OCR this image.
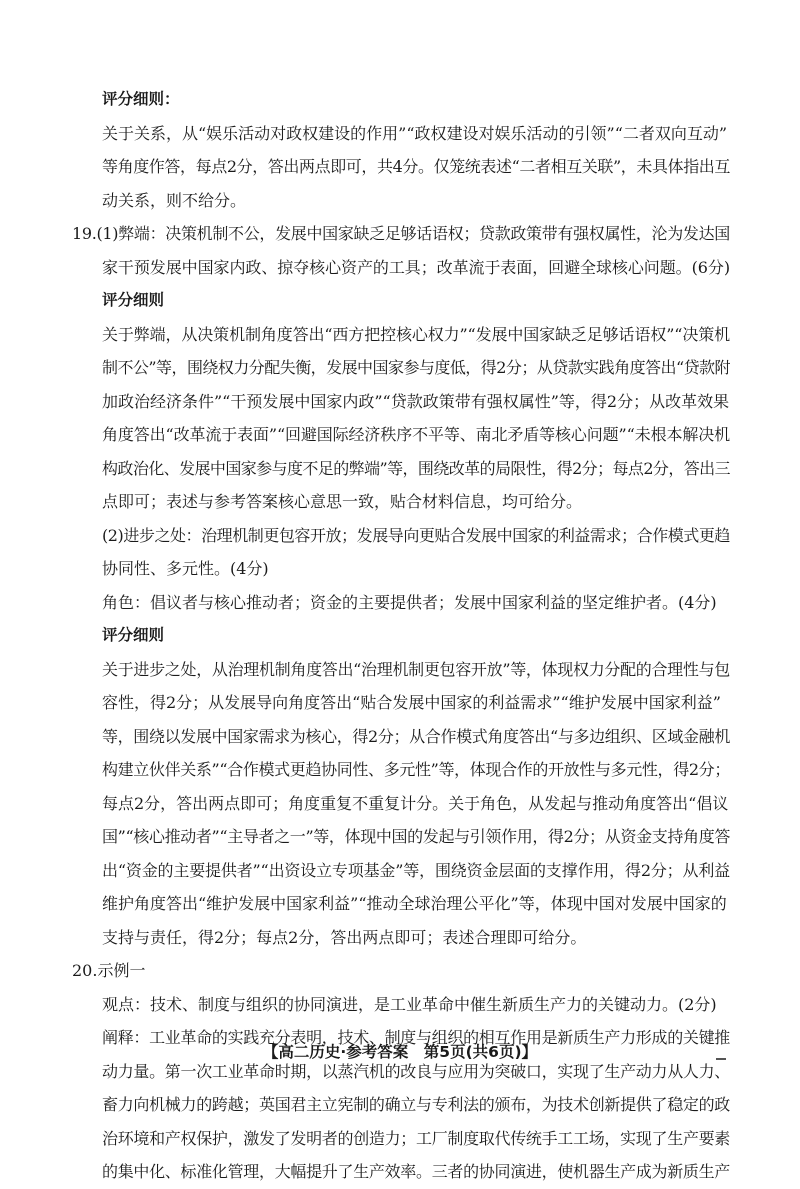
评分细则：
关于关系，从“娱乐活动对政权建设的作用”“政权建设对娱乐活动的引领”“二者双向互动”
等角度作答，每点2分，答出两点即可，共4分。仅笼统表述“二者相互关联”，未具体指出互
动关系，则不给分。
19.(1)弊端：决策机制不公，发展中国家缺乏足够话语权；贷款政策带有强权属性，沦为发达国
家干预发展中国家内政、掠夺核心资产的工具；改革流于表面，回避全球核心问题。(6分)
评分细则
关于弊端，从决策机制角度答出“西方把控核心权力”“发展中国家缺乏足够话语权”“决策机
制不公”等，围绕权力分配失衡，发展中国家参与度低，得2分；从贷款实践角度答出“贷款附
加政治经济条件”“干预发展中国家内政”“贷款政策带有强权属性”等，得2分；从改革效果
角度答出“改革流于表面”“回避国际经济秩序不平等、南北矛盾等核心问题”“未根本解决机
构政治化、发展中国家参与度不足的弊端”等，围绕改革的局限性，得2分；每点2分，答出三
点即可；表述与参考答案核心意思一致，贴合材料信息，均可给分。
(2)进步之处：治理机制更包容开放；发展导向更贴合发展中国家的利益需求；合作模式更趋
协同性、多元性。(4分)
角色：倡议者与核心推动者；资金的主要提供者；发展中国家利益的坚定维护者。(4分)
评分细则
关于进步之处，从治理机制角度答出“治理机制更包容开放”等，体现权力分配的合理性与包
容性，得2分；从发展导向角度答出“贴合发展中国家的利益需求”“维护发展中国家利益”
等，围绕以发展中国家需求为核心，得2分；从合作模式角度答出“与多边组织、区域金融机
构建立伙伴关系”“合作模式更趋协同性、多元性”等，体现合作的开放性与多元性，得2分；
每点2分，答出两点即可；角度重复不重复计分。关于角色，从发起与推动角度答出“倡议
国”“核心推动者”“主导者之一”等，体现中国的发起与引领作用，得2分；从资金支持角度答
出“资金的主要提供者”“出资设立专项基金”等，围绕资金层面的支撑作用，得2分；从利益
维护角度答出“维护发展中国家利益”“推动全球治理公平化”等，体现中国对发展中国家的
支持与责任，得2分；每点2分，答出两点即可；表述合理即可给分。
20.示例一
观点：技术、制度与组织的协同演进，是工业革命中催生新质生产力的关键动力。(2分)
阐释：工业革命的实践充分表明，技术、制度与组织的相互作用是新质生产力形成的关键推
动力量。第一次工业革命时期，以蒸汽机的改良与应用为突破口，实现了生产动力从人力、
畜力向机械力的跨越；英国君主立宪制的确立与专利法的颁布，为技术创新提供了稳定的政
治环境和产权保护，激发了发明者的创造力；工厂制度取代传统手工工场，实现了生产要素
的集中化、标准化管理，大幅提升了生产效率。三者的协同演进，使机器生产成为新质生产
【高二历史·参考答案　第5页(共6页)】
